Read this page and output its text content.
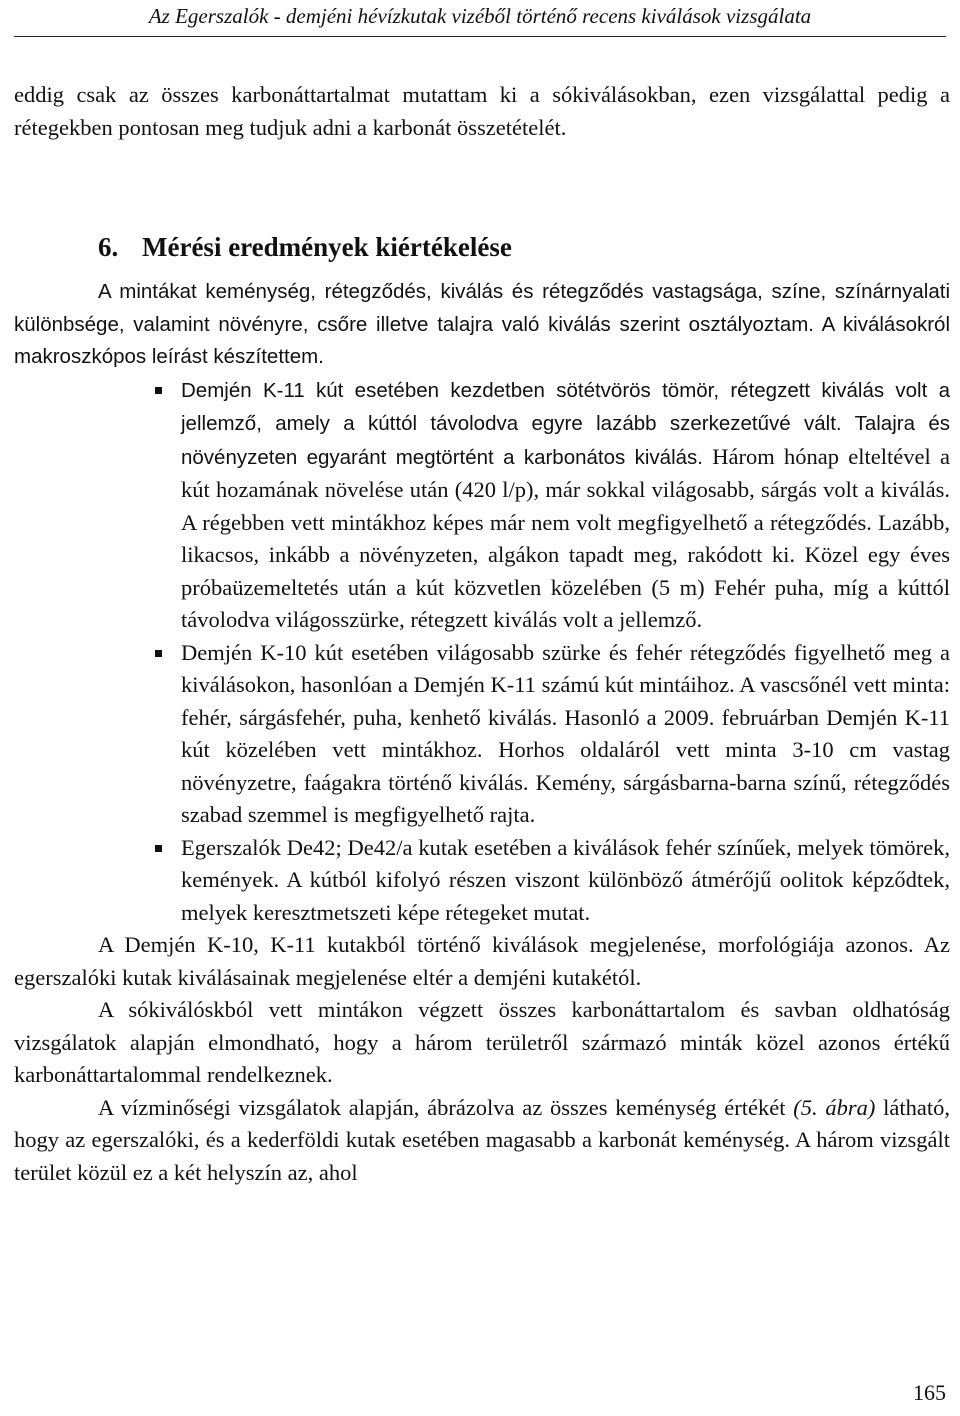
Az Egerszalók - demjéni hévízkutak vizéből történő recens kiválások vizsgálata

eddig csak az összes karbonáttartalmat mutattam ki a sókiválásokban, ezen vizsgálattal pedig a rétegekben pontosan meg tudjuk adni a karbonát összetételét.

6. Mérési eredmények kiértékelése

A mintákat keménység, rétegződés, kiválás és rétegződés vastagsága, színe, színárnyalati különbsége, valamint növényre, csőre illetve talajra való kiválás szerint osztályoztam. A kiválásokról makroszkópos leírást készítettem.

Demjén K-11 kút esetében kezdetben sötétvörös tömör, rétegzett kiválás volt a jellemző, amely a kúttól távolodva egyre lazább szerkezetűvé vált. Talajra és növényzeten egyaránt megtörtént a karbonátos kiválás. Három hónap elteltével a kút hozamának növelése után (420 l/p), már sokkal világosabb, sárgás volt a kiválás. A régebben vett mintákhoz képes már nem volt megfigyelhető a rétegződés. Lazább, likacsos, inkább a növényzeten, algákon tapadt meg, rakódott ki. Közel egy éves próbaüzemeltetés után a kút közvetlen közelében (5 m) Fehér puha, míg a kúttól távolodva világosszürke, rétegzett kiválás volt a jellemző.
Demjén K-10 kút esetében világosabb szürke és fehér rétegződés figyelhető meg a kiválásokon, hasonlóan a Demjén K-11 számú kút mintáihoz. A vascsőnél vett minta: fehér, sárgásfehér, puha, kenhető kiválás. Hasonló a 2009. februárban Demjén K-11 kút közelében vett mintákhoz. Horhos oldaláról vett minta 3-10 cm vastag növényzetre, faágakra történő kiválás. Kemény, sárgásbarna-barna színű, rétegződés szabad szemmel is megfigyelhető rajta.
Egerszalók De42; De42/a kutak esetében a kiválások fehér színűek, melyek tömörek, kemények. A kútból kifolyó részen viszont különböző átmérőjű oolitok képződtek, melyek keresztmetszeti képe rétegeket mutat.

A Demjén K-10, K-11 kutakból történő kiválások megjelenése, morfológiája azonos. Az egerszalóki kutak kiválásainak megjelenése eltér a demjéni kutakétól.

A sókiválóskból vett mintákon végzett összes karbonáttartalom és savban oldhatóság vizsgálatok alapján elmondható, hogy a három területről származó minták közel azonos értékű karbonáttartalommal rendelkeznek.

A vízminőségi vizsgálatok alapján, ábrázolva az összes keménység értékét (5. ábra) látható, hogy az egerszalóki, és a kederföldi kutak esetében magasabb a karbonát keménység. A három vizsgált terület közül ez a két helyszín az, ahol

165
